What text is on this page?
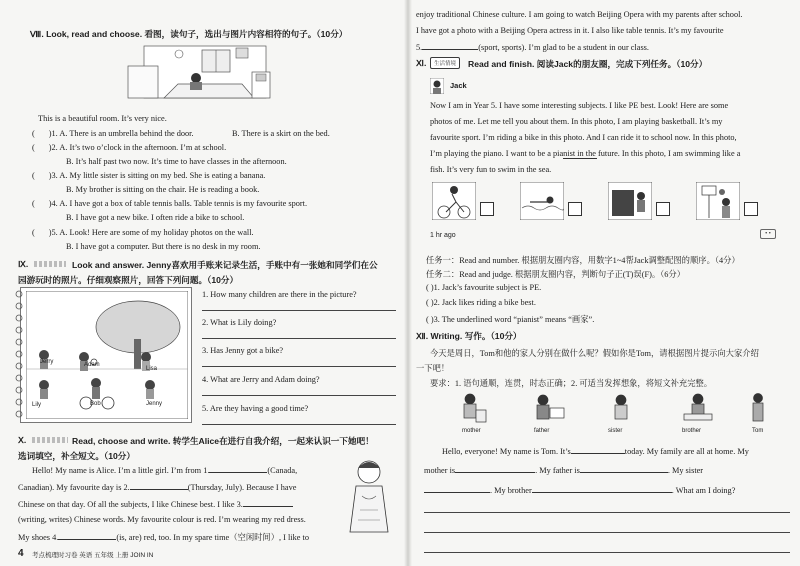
Ⅷ. Look, read and choose. 看图，读句子，选出与图片内容相符的句子。（10分）
This is a beautiful room. It’s very nice.
( )1. A. There is an umbrella behind the door.	B. There is a skirt on the bed.
( )2. A. It’s two o’clock in the afternoon. I’m at school.
B. It’s half past two now. It’s time to have classes in the afternoon.
( )3. A. My little sister is sitting on my bed. She is eating a banana.
B. My brother is sitting on the chair. He is reading a book.
( )4. A. I have got a box of table tennis balls. Table tennis is my favourite sport.
B. I have got a new bike. I often ride a bike to school.
( )5. A. Look! Here are some of my holiday photos on the wall.
B. I have got a computer. But there is no desk in my room.
Ⅸ.	Look and answer. Jenny喜欢用手账来记录生活，手账中有一张她和同学们在公
园游玩时的照片。仔细观察照片，回答下列问题。（10分）
Jerry	Adam
Lisa
Lily	Bob	Jenny
1. How many children are there in the picture?
2. What is Lily doing?
3. Has Jenny got a bike?
4. What are Jerry and Adam doing?
5. Are they having a good time?
Ⅹ.	Read, choose and write. 转学生Alice在进行自我介绍，一起来认识一下她吧！
选词填空，补全短文。（10分）
Hello! My name is Alice. I’m a little girl. I’m from 1.	(Canada,
Canadian). My favourite day is 2.	(Thursday, July). Because I have
Chinese on that day. Of all the subjects, I like Chinese best. I like 3.
(writing, writes) Chinese words. My favourite colour is red. I’m wearing my red dress.
My shoes 4.	(is, are) red, too. In my spare time（空闲时间）, I like to
4 考点梳理时习卷 英语 五年级 上册 JOIN IN
enjoy traditional Chinese culture. I am going to watch Beijing Opera with my parents after school.
I have got a photo with a Beijing Opera actress in it. I also like table tennis. It’s my favourite
5.	(sport, sports). I’m glad to be a student in our class.
Ⅺ.	生活情境	Read and finish. 阅读Jack的朋友圈，完成下列任务。（10分）
Jack
Now I am in Year 5. I have some interesting subjects. I like PE best. Look! Here are some
photos of me. Let me tell you about them. In this photo, I am playing basketball. It’s my
favourite sport. I’m riding a bike in this photo. And I can ride it to school now. In this photo,
I’m playing the piano. I want to be a pianist in the future. In this photo, I am swimming like a
fish. It’s very fun to swim in the sea.
1 hr ago	• •
任务一：Read and number. 根据朋友圈内容，用数字1~4帮Jack调整配图的顺序。（4分）
任务二：Read and judge. 根据朋友圈内容，判断句子正(T)误(F)。（6分）
( )1. Jack’s favourite subject is PE.
( )2. Jack likes riding a bike best.
( )3. The underlined word “pianist” means “画家”.
Ⅻ. Writing. 写作。（10分）
今天是周日，Tom和他的家人分别在做什么呢？假如你是Tom，请根据图片提示向大家介绍
一下吧！
要求：1. 语句通顺，连贯，时态正确；2. 可适当发挥想象，将短文补充完整。
mother	father	sister	brother	Tom
Hello, everyone! My name is Tom. It’s	today. My family are all at home. My
mother is	. My father is	. My sister
. My brother	. What am I doing?
